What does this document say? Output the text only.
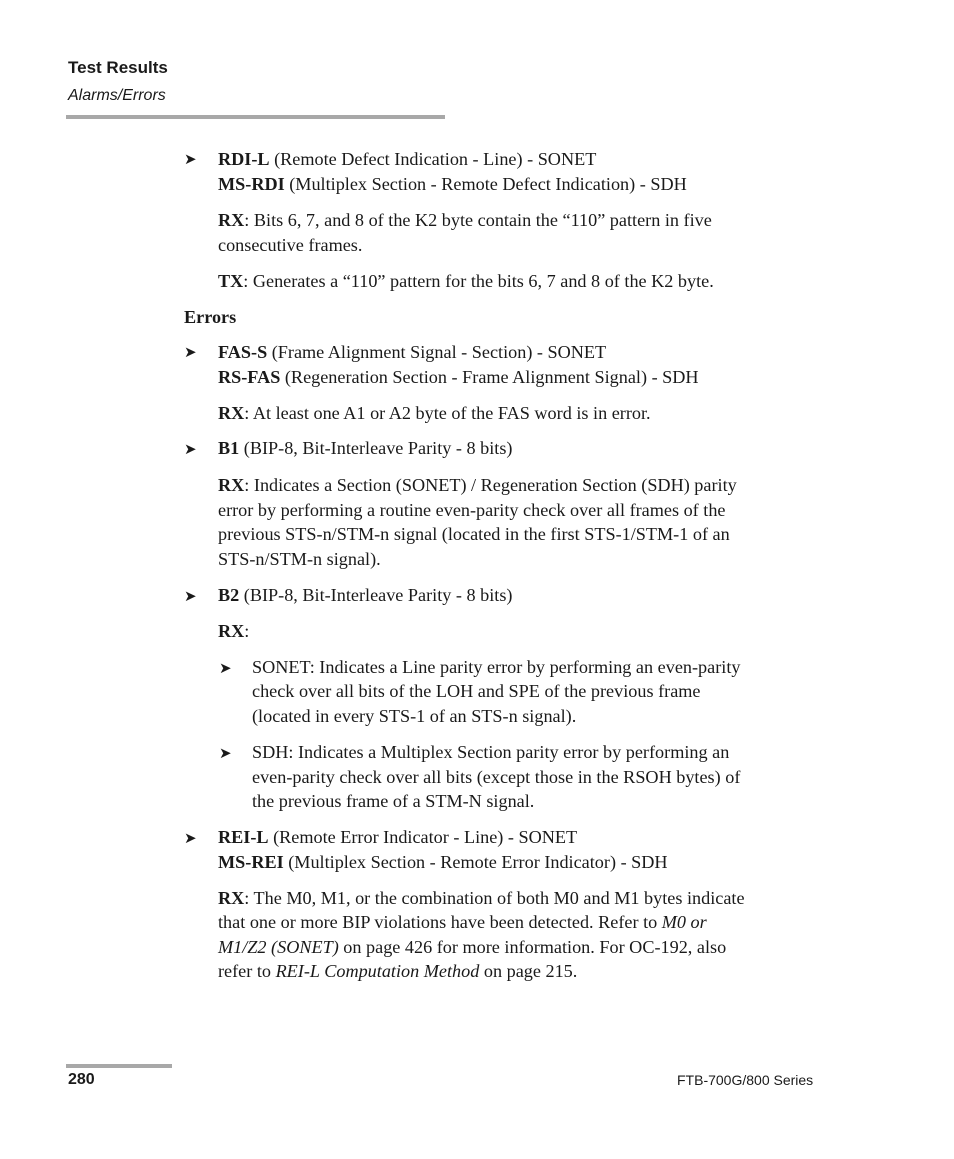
Test Results
Alarms/Errors
➤ RDI-L (Remote Defect Indication - Line) - SONET
MS-RDI (Multiplex Section - Remote Defect Indication) - SDH
RX: Bits 6, 7, and 8 of the K2 byte contain the “110” pattern in five
consecutive frames.
TX: Generates a “110” pattern for the bits 6, 7 and 8 of the K2 byte.
Errors
➤ FAS-S (Frame Alignment Signal - Section) - SONET
RS-FAS (Regeneration Section - Frame Alignment Signal) - SDH
RX: At least one A1 or A2 byte of the FAS word is in error.
➤ B1 (BIP-8, Bit-Interleave Parity - 8 bits)
RX: Indicates a Section (SONET) / Regeneration Section (SDH) parity
error by performing a routine even-parity check over all frames of the
previous STS-n/STM-n signal (located in the first STS-1/STM-1 of an
STS-n/STM-n signal).
➤ B2 (BIP-8, Bit-Interleave Parity - 8 bits)
RX:
➤ SONET: Indicates a Line parity error by performing an even-parity
check over all bits of the LOH and SPE of the previous frame
(located in every STS-1 of an STS-n signal).
➤ SDH: Indicates a Multiplex Section parity error by performing an
even-parity check over all bits (except those in the RSOH bytes) of
the previous frame of a STM-N signal.
➤ REI-L (Remote Error Indicator - Line) - SONET
MS-REI (Multiplex Section - Remote Error Indicator) - SDH
RX: The M0, M1, or the combination of both M0 and M1 bytes indicate
that one or more BIP violations have been detected. Refer to M0 or
M1/Z2 (SONET) on page 426 for more information. For OC-192, also
refer to REI-L Computation Method on page 215.
280	FTB-700G/800 Series
